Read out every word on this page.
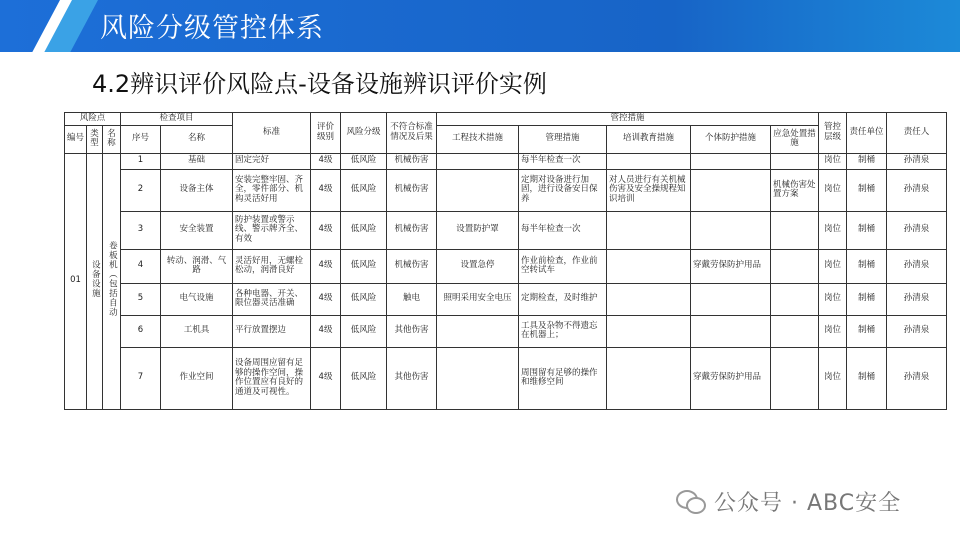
风险分级管控体系
4.2辨识评价风险点-设备设施辨识评价实例
风险点			检查项目		标准	评价级别	风险分级	不符合标准情况及后果	管控措施					管控层级	责任单位	责任人
编号	类型	名称	序号	名称					工程技术措施	管理措施	培训教育措施	个体防护措施	应急处置措施			
01	设备设施	卷板机（包括自动	1	基础	固定完好	4级	低风险	机械伤害		每半年检查一次				岗位	制桶	孙清泉
			2	设备主体	安装完整牢固、齐全，零件部分、机构灵活好用	4级	低风险	机械伤害		定期对设备进行加固，进行设备安日保养	对人员进行有关机械伤害及安全操规程知识培训		机械伤害处置方案	岗位	制桶	孙清泉
			3	安全装置	防护装置或警示线、警示牌齐全、有效	4级	低风险	机械伤害	设置防护罩	每半年检查一次				岗位	制桶	孙清泉
			4	转动、润滑、气路	灵活好用，无螺栓松动，润滑良好	4级	低风险	机械伤害	设置急停	作业前检查，作业前空转试车		穿戴劳保防护用品		岗位	制桶	孙清泉
			5	电气设施	各种电器、开关、限位器灵活准确	4级	低风险	触电	照明采用安全电压	定期检查，及时维护				岗位	制桶	孙清泉
			6	工机具	平行放置摆边	4级	低风险	其他伤害		工具及杂物不得遗忘在机器上；				岗位	制桶	孙清泉
			7	作业空间	设备周围应留有足够的操作空间，操作位置应有良好的通道及可视性。	4级	低风险	其他伤害		周围留有足够的操作和维修空间		穿戴劳保防护用品		岗位	制桶	孙清泉
公众号 · ABC安全
